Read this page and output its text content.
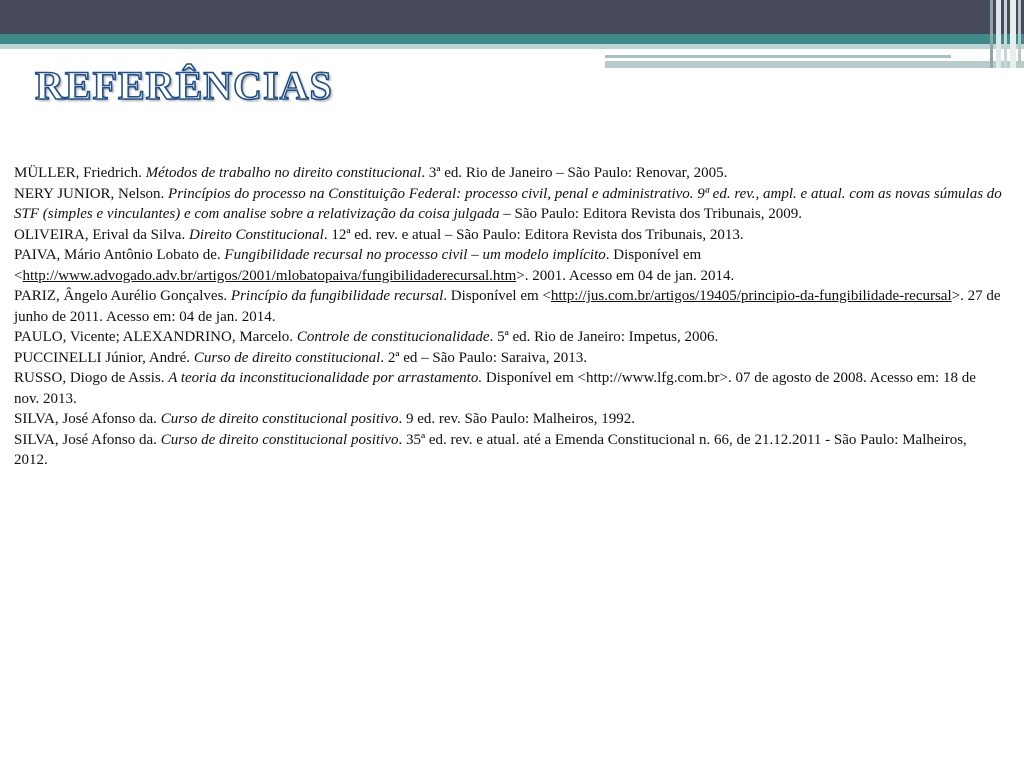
REFERÊNCIAS

MÜLLER, Friedrich. Métodos de trabalho no direito constitucional. 3ª ed. Rio de Janeiro – São Paulo: Renovar, 2005.

NERY JUNIOR, Nelson. Princípios do processo na Constituição Federal: processo civil, penal e administrativo. 9ª ed. rev., ampl. e atual. com as novas súmulas do STF (simples e vinculantes) e com analise sobre a relativização da coisa julgada – São Paulo: Editora Revista dos Tribunais, 2009.

OLIVEIRA, Erival da Silva. Direito Constitucional. 12ª ed. rev. e atual – São Paulo: Editora Revista dos Tribunais, 2013.

PAIVA, Mário Antônio Lobato de. Fungibilidade recursal no processo civil – um modelo implícito. Disponível em <http://www.advogado.adv.br/artigos/2001/mlobatopaiva/fungibilidaderecursal.htm>. 2001. Acesso em 04 de jan. 2014.

PARIZ, Ângelo Aurélio Gonçalves. Princípio da fungibilidade recursal. Disponível em <http://jus.com.br/artigos/19405/principio-da-fungibilidade-recursal>. 27 de junho de 2011. Acesso em: 04 de jan. 2014.

PAULO, Vicente; ALEXANDRINO, Marcelo. Controle de constitucionalidade. 5ª ed. Rio de Janeiro: Impetus, 2006.

PUCCINELLI Júnior, André. Curso de direito constitucional. 2ª ed – São Paulo: Saraiva, 2013.

RUSSO, Diogo de Assis. A teoria da inconstitucionalidade por arrastamento. Disponível em <http://www.lfg.com.br>. 07 de agosto de 2008. Acesso em: 18 de nov. 2013.

SILVA, José Afonso da. Curso de direito constitucional positivo. 9 ed. rev. São Paulo: Malheiros, 1992.

SILVA, José Afonso da. Curso de direito constitucional positivo. 35ª ed. rev. e atual. até a Emenda Constitucional n. 66, de 21.12.2011 - São Paulo: Malheiros, 2012.
